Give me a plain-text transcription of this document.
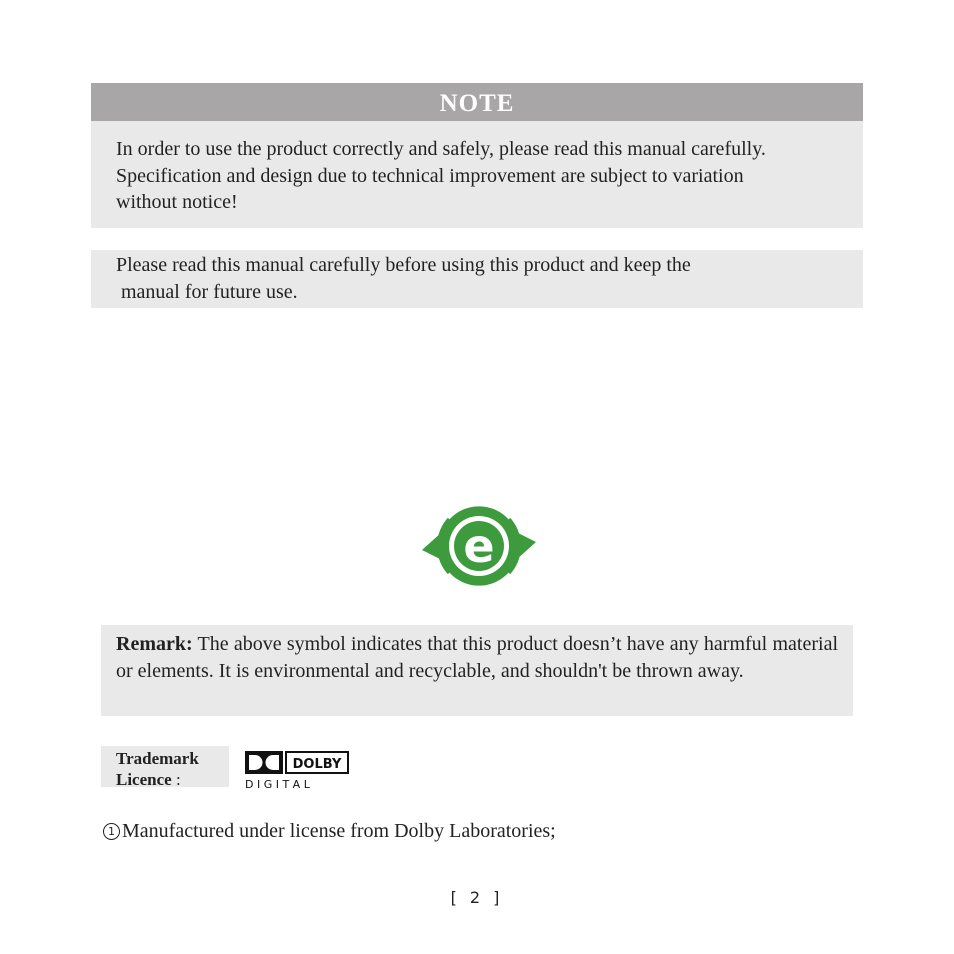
NOTE

In order to use the product correctly and safely, please read this manual carefully.

Specification and design due to technical improvement are subject to variation

without notice!

Please read this manual carefully before using this product and keep the
manual for future use.
e
Remark: The above symbol indicates that this product doesn’t have any harmful material or elements. It is environmental and recyclable, and shouldn't be thrown away.
Trademark
Licence :
DOLBY
D I G I T A L
1 Manufactured under license from Dolby Laboratories;
[ 2 ]
